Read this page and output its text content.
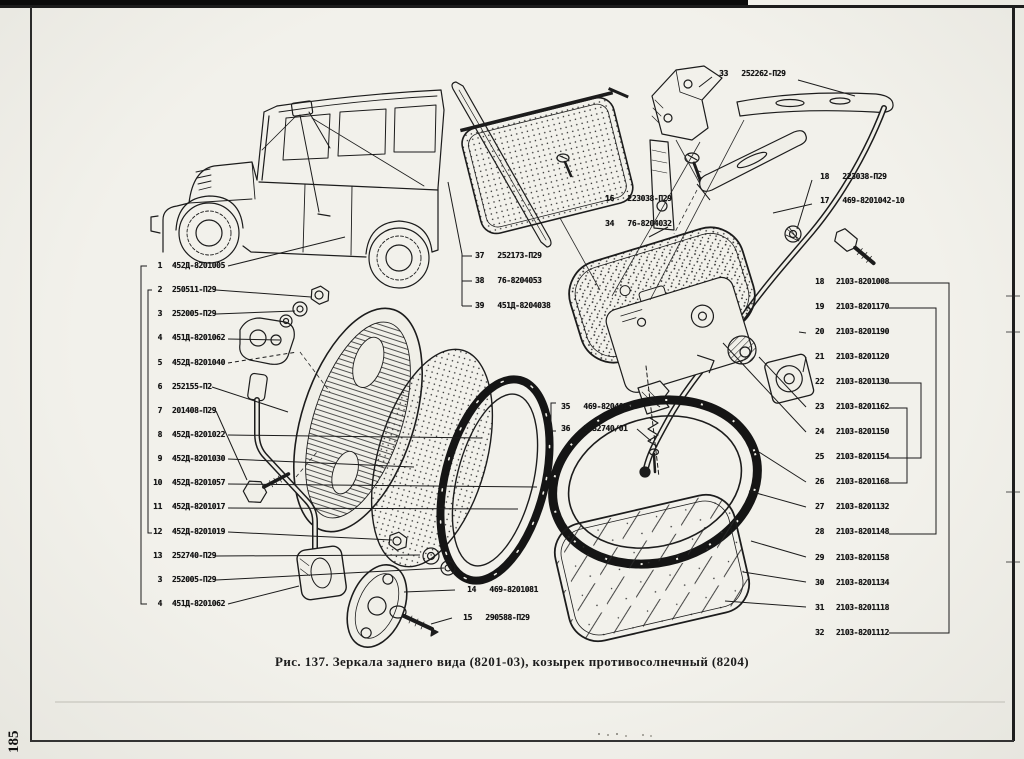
1 452Д-8201005
2 250511-П29
3 252005-П29
4 451Д-8201062
5 452Д-8201040
6 252155-П2
7 201408-П29
8 452Д-8201022
9 452Д-8201030
10 452Д-8201057
11 452Д-8201017
12 452Д-8201019
13 252740-П29
3 252005-П29
4 451Д-8201062
18 2103-8201008
19 2103-8201170
20 2103-8201190
21 2103-8201120
22 2103-8201130
23 2103-8201162
24 2103-8201150
25 2103-8201154
26 2103-8201168
27 2103-8201132
28 2103-8201148
29 2103-8201158
30 2103-8201134
31 2103-8201118
32 2103-8201112
33 252262-П29
16 223038-П29
34 76-8204032
18 223038-П29
17 469-8201042-10
37 252173-П29
38 76-8204053
39 451Д-8204038
35 469-8204010
36 1/32740/01
14 469-8201081
15 290588-П29
Рис. 137. Зеркала заднего вида (8201-03), козырек противосолнечный (8204)
185
